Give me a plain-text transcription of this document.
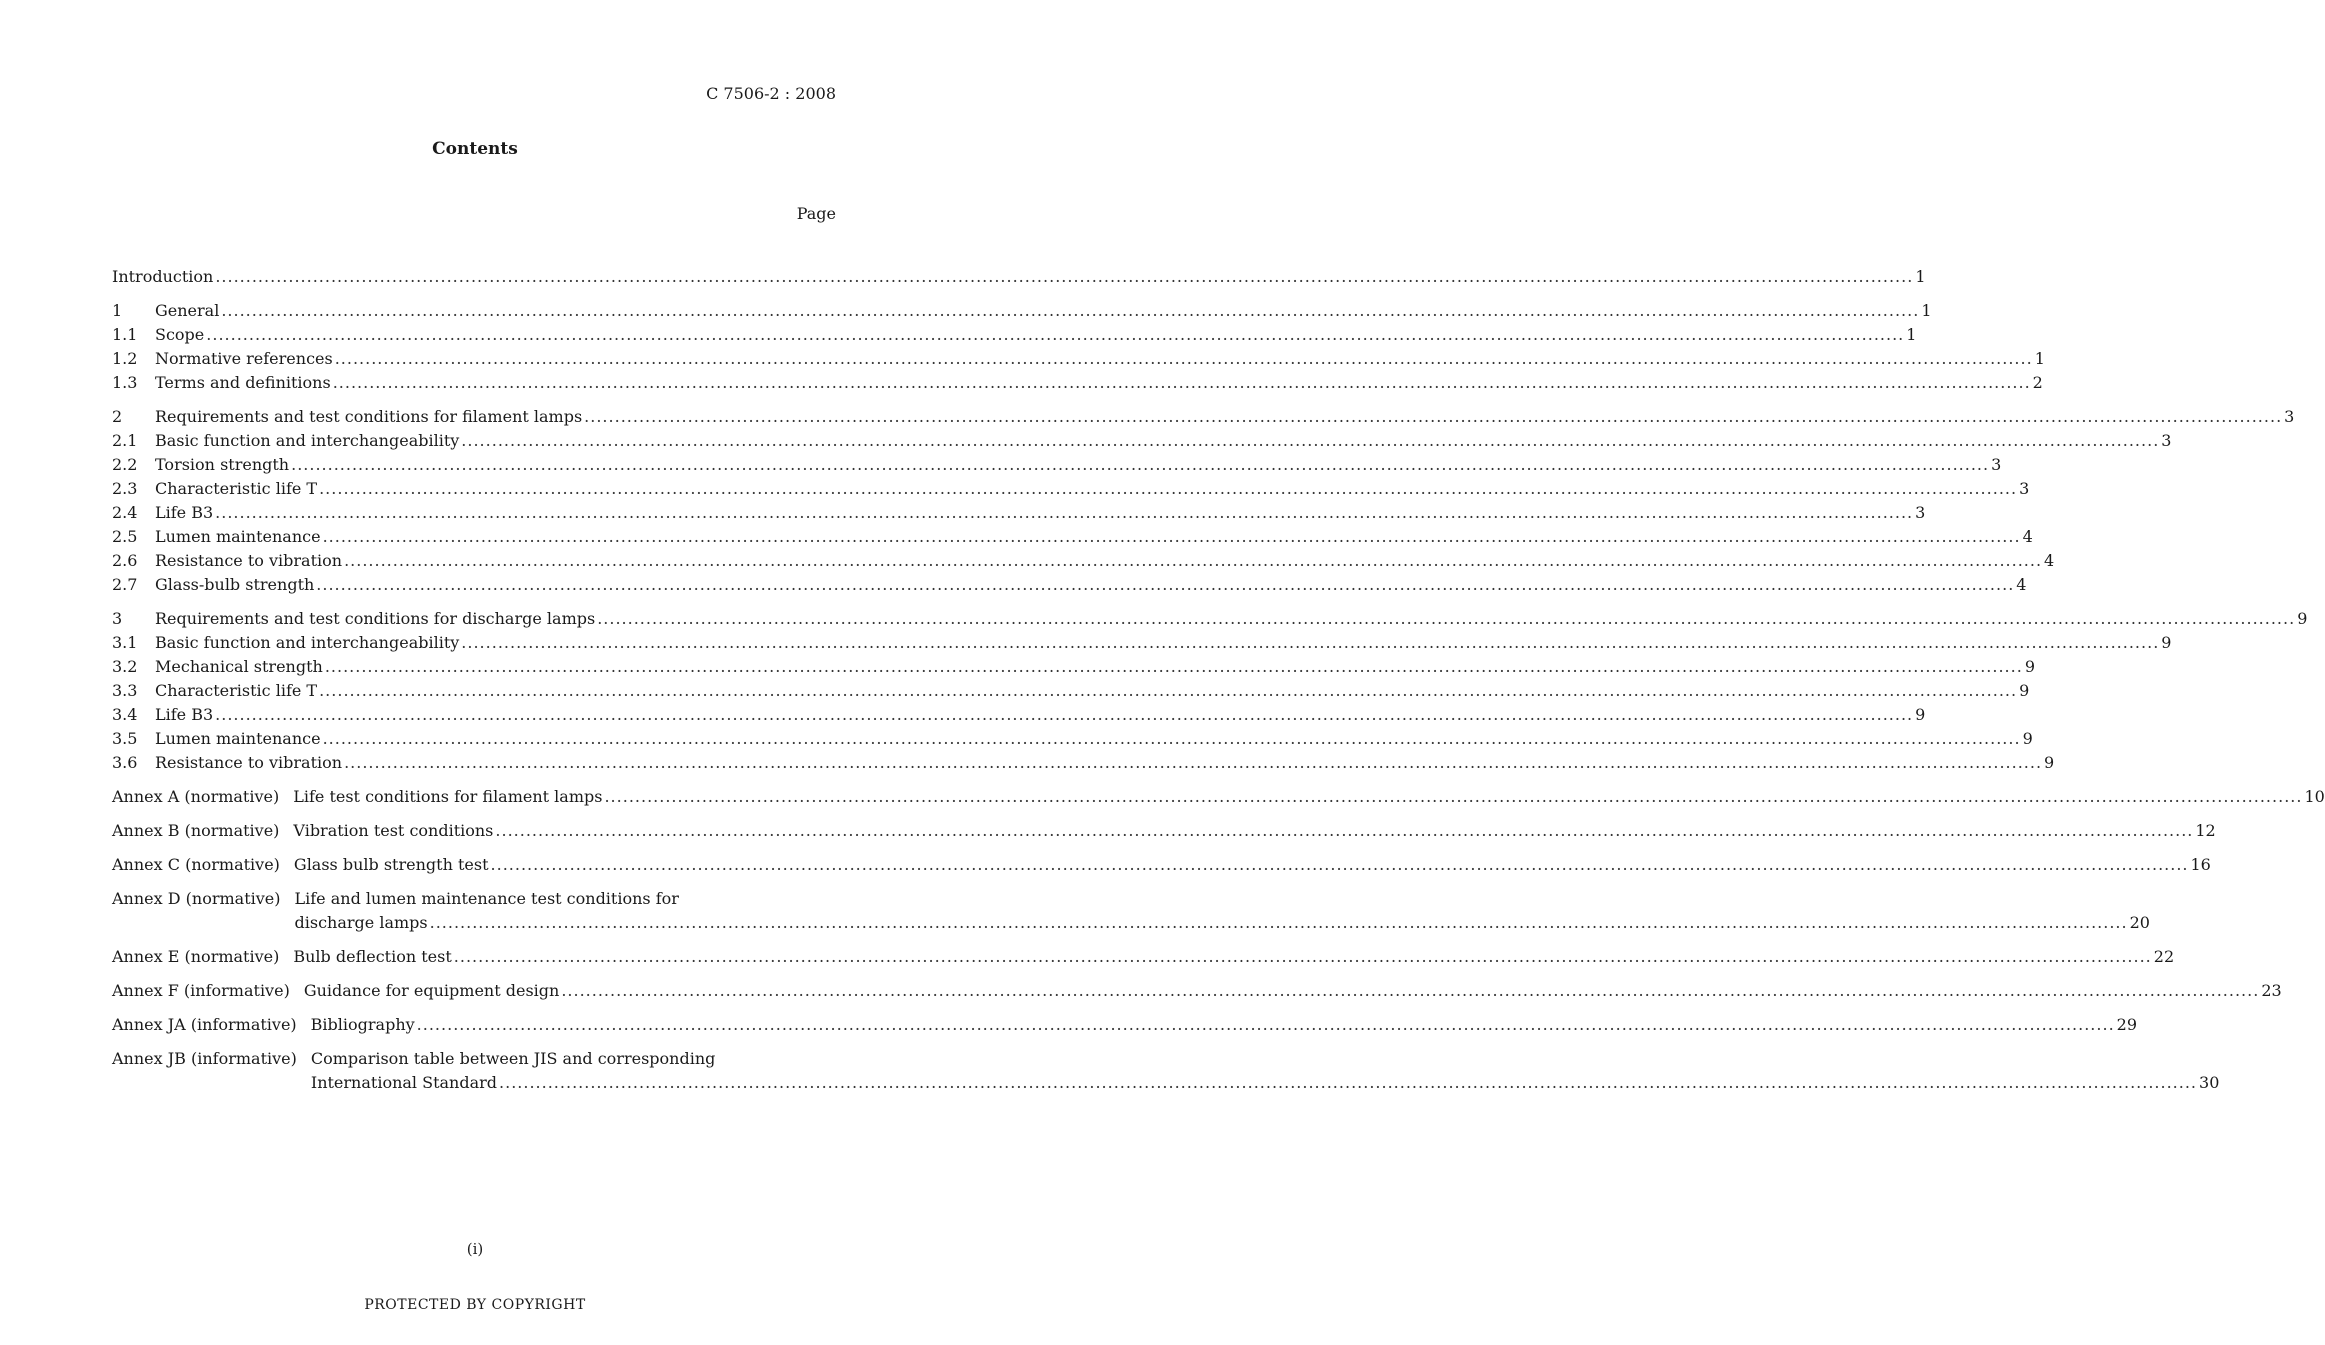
C 7506-2 : 2008
Contents
Page
Introduction .....	1
1	General .....	1
1.1	Scope .....	1
1.2	Normative references .....	1
1.3	Terms and definitions .....	2
2	Requirements and test conditions for filament lamps .....	3
2.1	Basic function and interchangeability .....	3
2.2	Torsion strength .....	3
2.3	Characteristic life T .....	3
2.4	Life B3 .....	3
2.5	Lumen maintenance .....	4
2.6	Resistance to vibration .....	4
2.7	Glass-bulb strength .....	4
3	Requirements and test conditions for discharge lamps .....	9
3.1	Basic function and interchangeability .....	9
3.2	Mechanical strength .....	9
3.3	Characteristic life T .....	9
3.4	Life B3 .....	9
3.5	Lumen maintenance .....	9
3.6	Resistance to vibration .....	9
Annex A (normative) Life test conditions for filament lamps .....	10
Annex B (normative) Vibration test conditions .....	12
Annex C (normative) Glass bulb strength test .....	16
Annex D (normative) Life and lumen maintenance test conditions for
discharge lamps .....	20
Annex E (normative) Bulb deflection test .....	22
Annex F (informative) Guidance for equipment design .....	23
Annex JA (informative) Bibliography .....	29
Annex JB (informative) Comparison table between JIS and corresponding
International Standard .....	30
(i)
PROTECTED BY COPYRIGHT
